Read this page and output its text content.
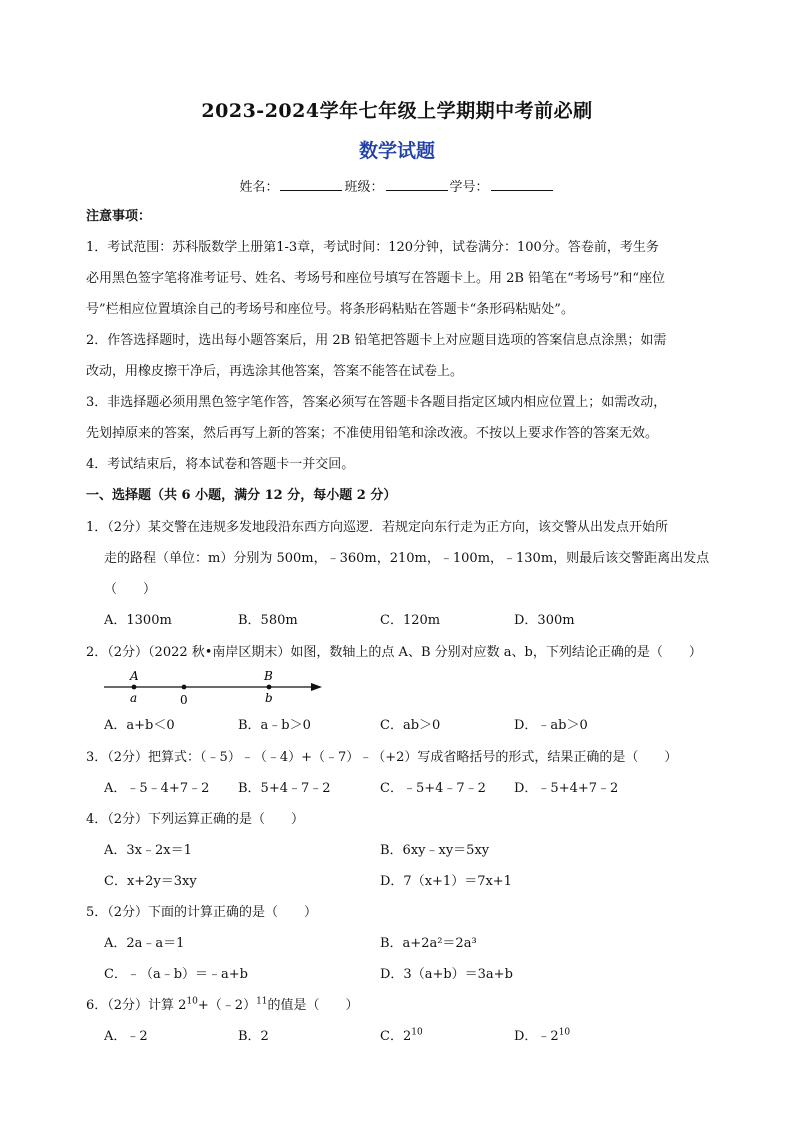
2023-2024学年七年级上学期期中考前必刷
数学试题
姓名：	班级：	学号：

注意事项：

1．考试范围：苏科版数学上册第1-3章，考试时间：120分钟，试卷满分：100分。答卷前，考生务

必用黑色签字笔将准考证号、姓名、考场号和座位号填写在答题卡上。用 2B 铅笔在“考场号”和“座位

号”栏相应位置填涂自己的考场号和座位号。将条形码粘贴在答题卡“条形码粘贴处”。

2．作答选择题时，选出每小题答案后，用 2B 铅笔把答题卡上对应题目选项的答案信息点涂黑；如需

改动，用橡皮擦干净后，再选涂其他答案，答案不能答在试卷上。

3．非选择题必须用黑色签字笔作答，答案必须写在答题卡各题目指定区域内相应位置上；如需改动，

先划掉原来的答案，然后再写上新的答案；不准使用铅笔和涂改液。不按以上要求作答的答案无效。

4．考试结束后，将本试卷和答题卡一并交回。

一、选择题（共 6 小题，满分 12 分，每小题 2 分）

1．（2分）某交警在违规多发地段沿东西方向巡逻．若规定向东行走为正方向，该交警从出发点开始所

走的路程（单位：m）分别为 500m，﹣360m，210m，﹣100m，﹣130m，则最后该交警距离出发点

（　　）

A．1300m	B．580m	C．120m	D．300m

2．（2分）（2022 秋•南岸区期末）如图，数轴上的点 A、B 分别对应数 a、b，下列结论正确的是（　　）

A
a	0
B
b
A．a+b＜0	B．a﹣b＞0	C．ab＞0	D．﹣ab＞0

3．（2分）把算式：（﹣5）﹣（﹣4）+（﹣7）﹣（+2）写成省略括号的形式，结果正确的是（　　）

A．﹣5﹣4+7﹣2 B．5+4﹣7﹣2	C．﹣5+4﹣7﹣2 D．﹣5+4+7﹣2

4．（2分）下列运算正确的是（　　）

A．3x﹣2x＝1	B．6xy﹣xy＝5xy
C．x+2y＝3xy	D．7（x+1）＝7x+1

5．（2分）下面的计算正确的是（　　）

A．2a﹣a＝1	B．a+2a²＝2a³
C．﹣（a﹣b）＝﹣a+b	D．3（a+b）＝3a+b

6．（2分）计算 $2^{10}+(﹣2)^{11}$的值是（　　）

A．﹣2	B．2	C．$2^{10}$	D．$﹣2^{10}$
